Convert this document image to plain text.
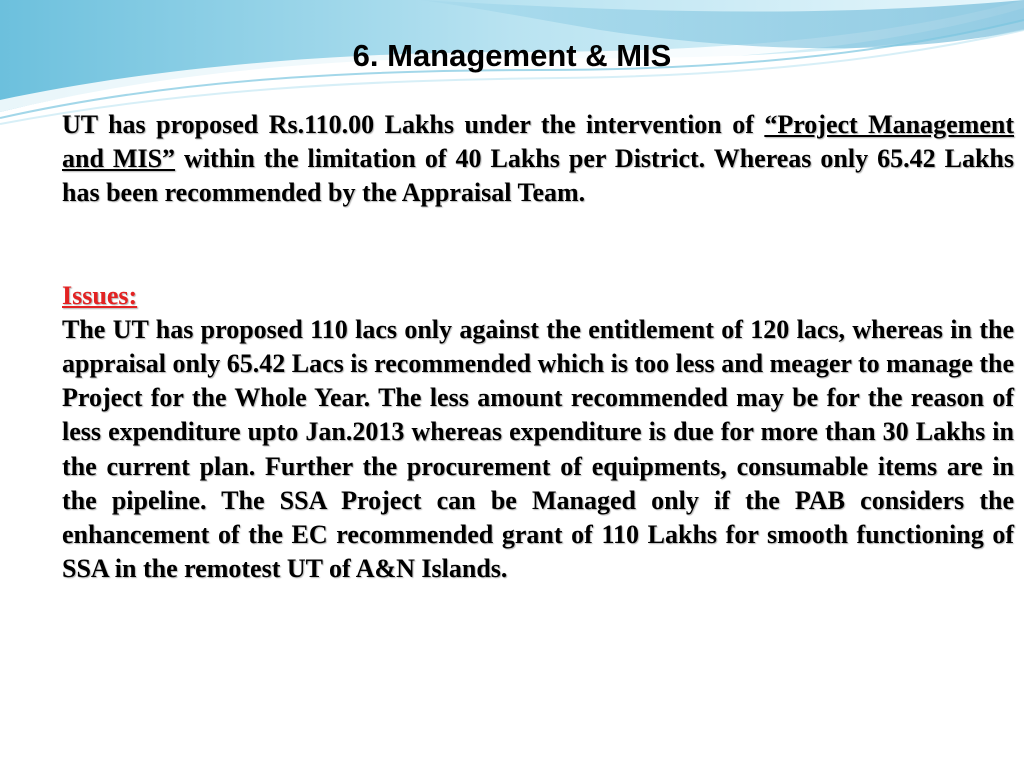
6. Management & MIS

UT has proposed Rs.110.00 Lakhs under the intervention of “Project Management and MIS” within the limitation of 40 Lakhs per District. Whereas only 65.42 Lakhs has been recommended by the Appraisal Team.

Issues:

The UT has proposed 110 lacs only against the entitlement of 120 lacs, whereas in the appraisal only 65.42 Lacs is recommended which is too less and meager to manage the Project for the Whole Year. The less amount recommended may be for the reason of less expenditure upto Jan.2013 whereas expenditure is due for more than 30 Lakhs in the current plan. Further the procurement of equipments, consumable items are in the pipeline. The SSA Project can be Managed only if the PAB considers the enhancement of the EC recommended grant of 110 Lakhs for smooth functioning of SSA in the remotest UT of A&N Islands.
